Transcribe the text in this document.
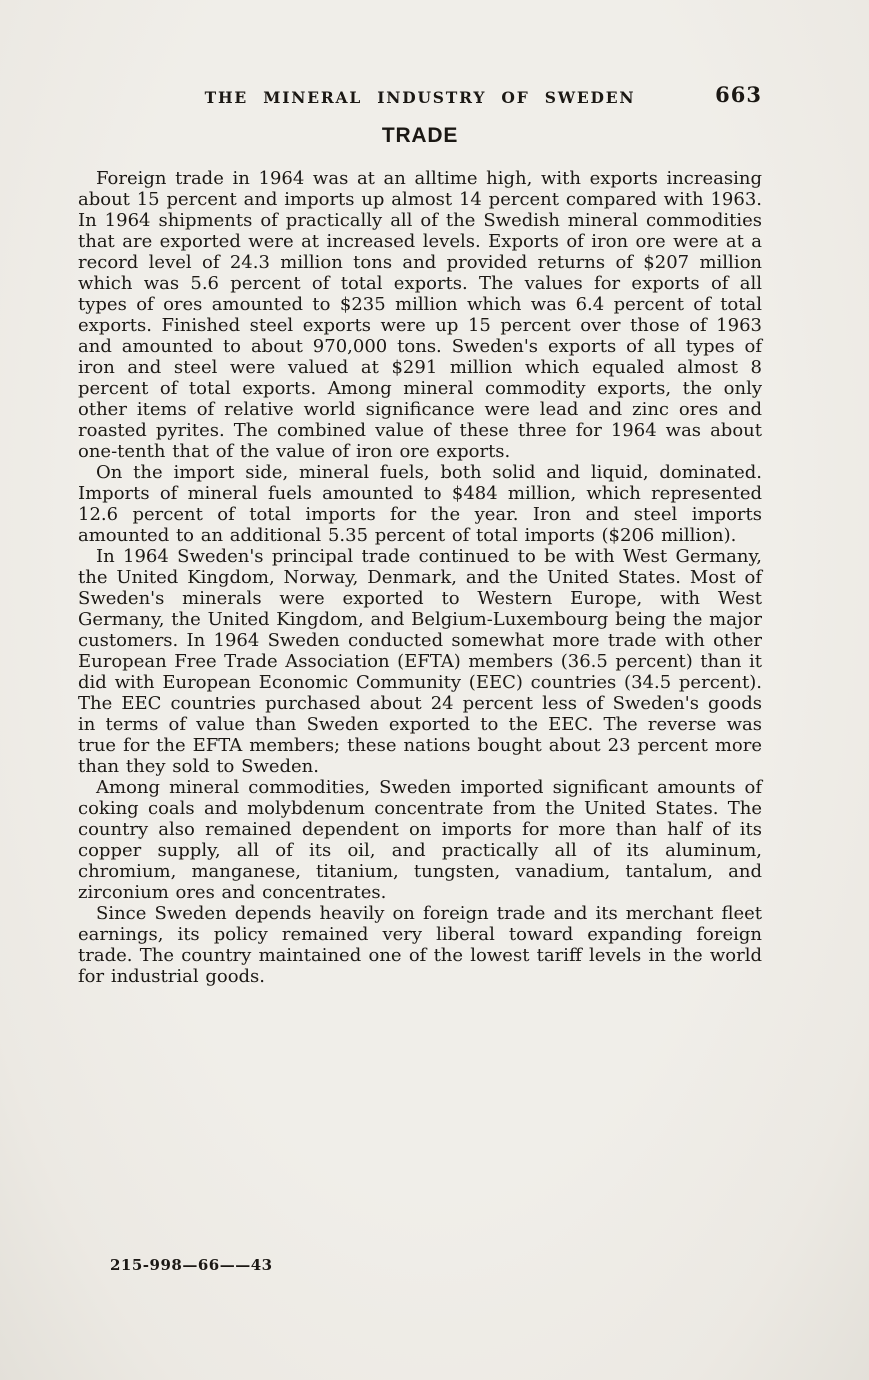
THE MINERAL INDUSTRY OF SWEDEN	663
TRADE

Foreign trade in 1964 was at an alltime high, with exports increasing about 15 percent and imports up almost 14 percent compared with 1963. In 1964 shipments of practically all of the Swedish mineral commodities that are exported were at increased levels. Exports of iron ore were at a record level of 24.3 million tons and provided returns of $207 million which was 5.6 percent of total exports. The values for exports of all types of ores amounted to $235 million which was 6.4 percent of total exports. Finished steel exports were up 15 percent over those of 1963 and amounted to about 970,000 tons. Sweden's exports of all types of iron and steel were valued at $291 million which equaled almost 8 percent of total exports. Among mineral commodity exports, the only other items of relative world significance were lead and zinc ores and roasted pyrites. The combined value of these three for 1964 was about one-tenth that of the value of iron ore exports.

On the import side, mineral fuels, both solid and liquid, dominated. Imports of mineral fuels amounted to $484 million, which represented 12.6 percent of total imports for the year. Iron and steel imports amounted to an additional 5.35 percent of total imports ($206 million).

In 1964 Sweden's principal trade continued to be with West Germany, the United Kingdom, Norway, Denmark, and the United States. Most of Sweden's minerals were exported to Western Europe, with West Germany, the United Kingdom, and Belgium-Luxembourg being the major customers. In 1964 Sweden conducted somewhat more trade with other European Free Trade Association (EFTA) members (36.5 percent) than it did with European Economic Community (EEC) countries (34.5 percent). The EEC countries purchased about 24 percent less of Sweden's goods in terms of value than Sweden exported to the EEC. The reverse was true for the EFTA members; these nations bought about 23 percent more than they sold to Sweden.

Among mineral commodities, Sweden imported significant amounts of coking coals and molybdenum concentrate from the United States. The country also remained dependent on imports for more than half of its copper supply, all of its oil, and practically all of its aluminum, chromium, manganese, titanium, tungsten, vanadium, tantalum, and zirconium ores and concentrates.

Since Sweden depends heavily on foreign trade and its merchant fleet earnings, its policy remained very liberal toward expanding foreign trade. The country maintained one of the lowest tariff levels in the world for industrial goods.

215-998—66——43
